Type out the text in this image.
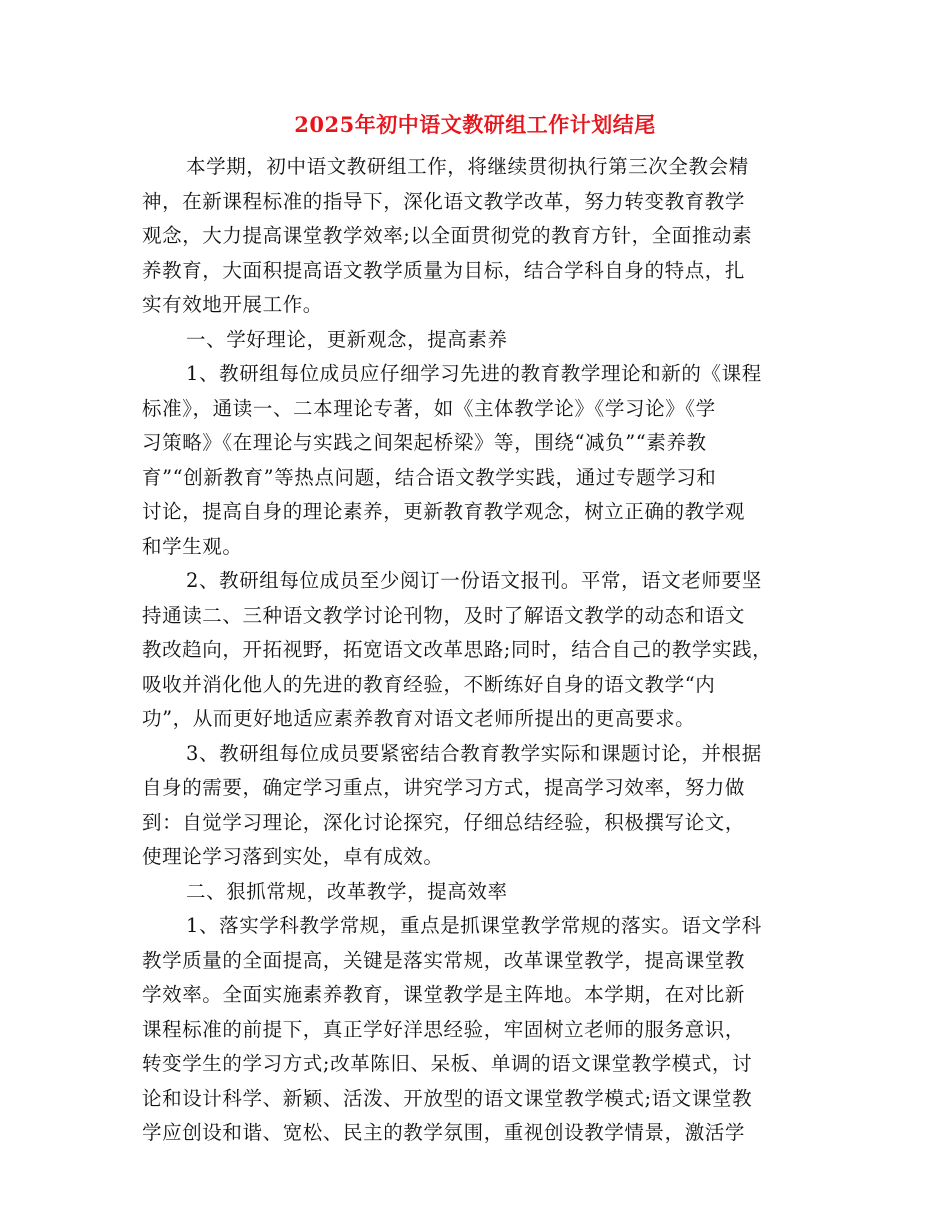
2025年初中语文教研组工作计划结尾
本学期，初中语文教研组工作，将继续贯彻执行第三次全教会精
神，在新课程标准的指导下，深化语文教学改革，努力转变教育教学
观念，大力提高课堂教学效率;以全面贯彻党的教育方针，全面推动素
养教育，大面积提高语文教学质量为目标，结合学科自身的特点，扎
实有效地开展工作。
一、学好理论，更新观念，提高素养
1、教研组每位成员应仔细学习先进的教育教学理论和新的《课程
标准》，通读一、二本理论专著，如《主体教学论》《学习论》《学
习策略》《在理论与实践之间架起桥梁》等，围绕“减负”“素养教
育”“创新教育”等热点问题，结合语文教学实践，通过专题学习和
讨论，提高自身的理论素养，更新教育教学观念，树立正确的教学观
和学生观。
2、教研组每位成员至少阅订一份语文报刊。平常，语文老师要坚
持通读二、三种语文教学讨论刊物，及时了解语文教学的动态和语文
教改趋向，开拓视野，拓宽语文改革思路;同时，结合自己的教学实践，
吸收并消化他人的先进的教育经验，不断练好自身的语文教学“内
功”，从而更好地适应素养教育对语文老师所提出的更高要求。
3、教研组每位成员要紧密结合教育教学实际和课题讨论，并根据
自身的需要，确定学习重点，讲究学习方式，提高学习效率，努力做
到：自觉学习理论，深化讨论探究，仔细总结经验，积极撰写论文，
使理论学习落到实处，卓有成效。
二、狠抓常规，改革教学，提高效率
1、落实学科教学常规，重点是抓课堂教学常规的落实。语文学科
教学质量的全面提高，关键是落实常规，改革课堂教学，提高课堂教
学效率。全面实施素养教育，课堂教学是主阵地。本学期，在对比新
课程标准的前提下，真正学好洋思经验，牢固树立老师的服务意识，
转变学生的学习方式;改革陈旧、呆板、单调的语文课堂教学模式，讨
论和设计科学、新颖、活泼、开放型的语文课堂教学模式;语文课堂教
学应创设和谐、宽松、民主的教学氛围，重视创设教学情景，激活学
